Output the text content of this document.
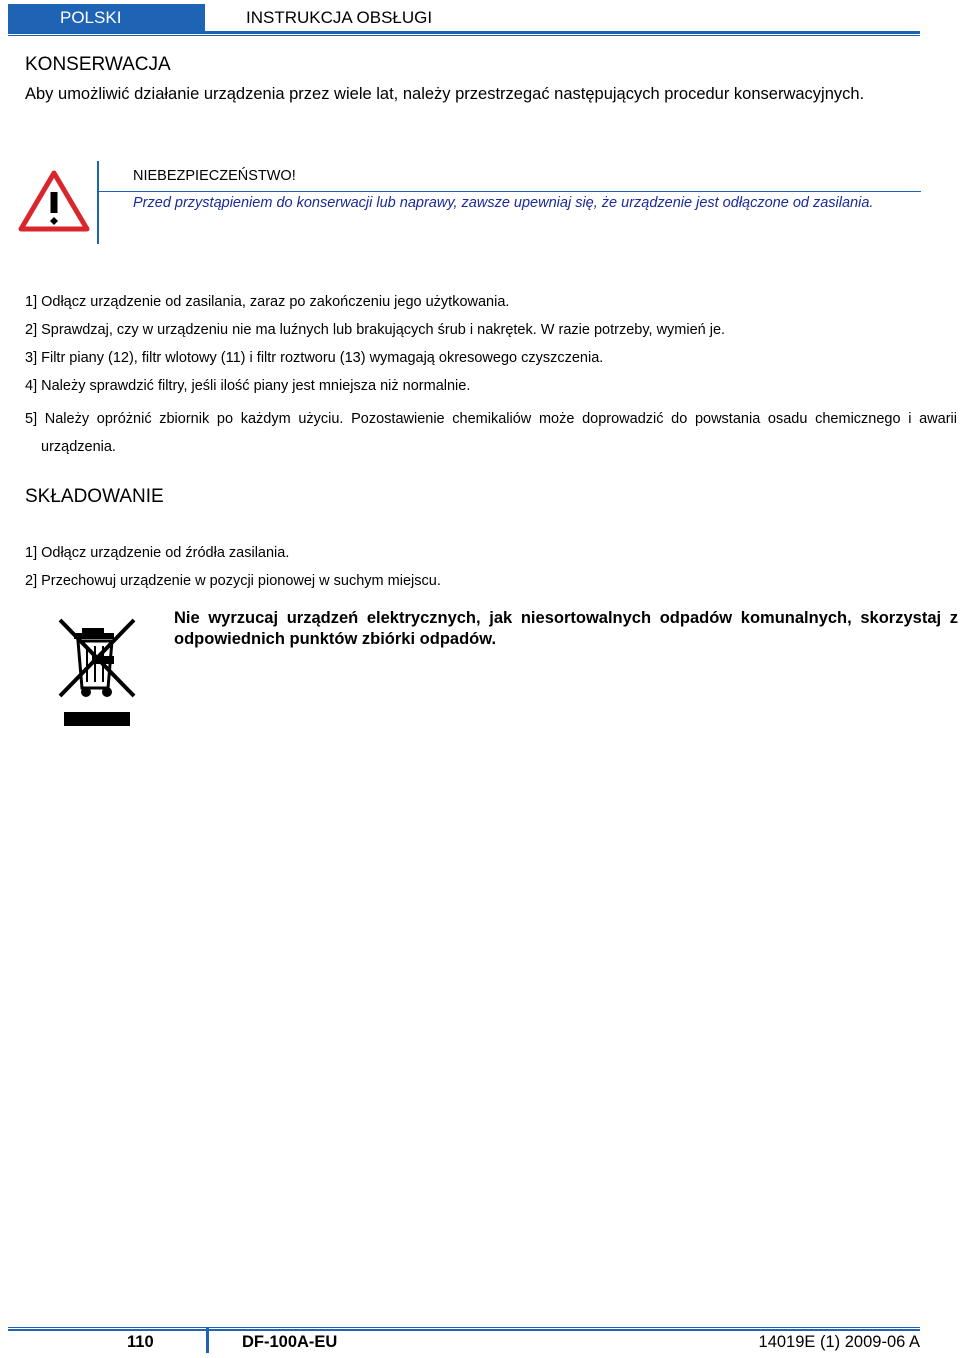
POLSKI	INSTRUKCJA OBSŁUGI
KONSERWACJA
Aby umożliwić działanie urządzenia przez wiele lat, należy przestrzegać następujących procedur konserwacyjnych.
NIEBEZPIECZEŃSTWO!
Przed przystąpieniem do konserwacji lub naprawy, zawsze upewniaj się, że urządzenie jest odłączone od zasilania.
1] Odłącz urządzenie od zasilania, zaraz po zakończeniu jego użytkowania.
2] Sprawdzaj, czy w urządzeniu nie ma luźnych lub brakujących śrub i nakrętek. W razie potrzeby, wymień je.
3] Filtr piany (12), filtr wlotowy (11) i filtr roztworu (13) wymagają okresowego czyszczenia.
4] Należy sprawdzić filtry, jeśli ilość piany jest mniejsza niż normalnie.
5] Należy opróżnić zbiornik po każdym użyciu. Pozostawienie chemikaliów może doprowadzić do powstania osadu chemicznego i awarii urządzenia.
SKŁADOWANIE
1] Odłącz urządzenie od źródła zasilania.
2] Przechowuj urządzenie w pozycji pionowej w suchym miejscu.
Nie wyrzucaj urządzeń elektrycznych, jak niesortowalnych odpadów komunalnych, skorzystaj z odpowiednich punktów zbiórki odpadów.
110	DF-100A-EU	14019E (1) 2009-06 A
